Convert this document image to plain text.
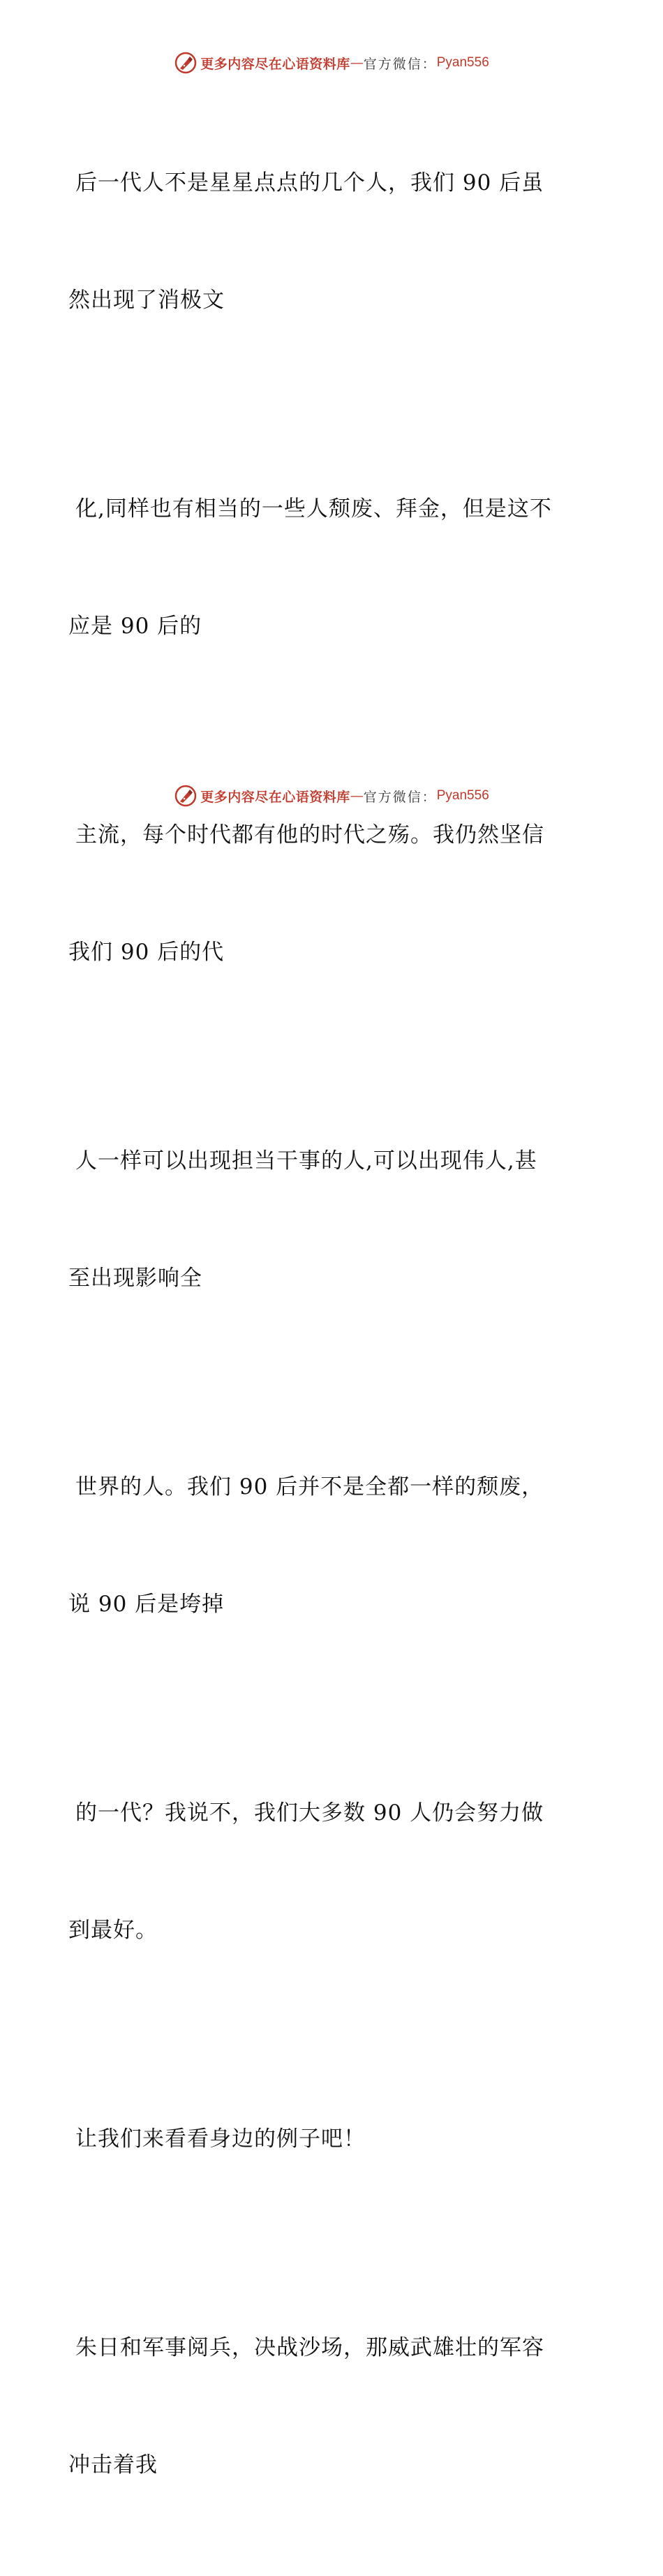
更多内容尽在心语资料库 — 官方微信： Pyan556

后一代人不是星星点点的几个人，我们 90 后虽

然出现了消极文

化,同样也有相当的一些人颓废、拜金，但是这不

应是 90 后的

主流，每个时代都有他的时代之殇。我仍然坚信

我们 90 后的代

人一样可以出现担当干事的人,可以出现伟人,甚

至出现影响全

世界的人。我们 90 后并不是全都一样的颓废，

说 90 后是垮掉

的一代？我说不，我们大多数 90 人仍会努力做

到最好。

让我们来看看身边的例子吧！

朱日和军事阅兵，决战沙场，那威武雄壮的军容

冲击着我

更多内容尽在心语资料库 — 官方微信： Pyan556
